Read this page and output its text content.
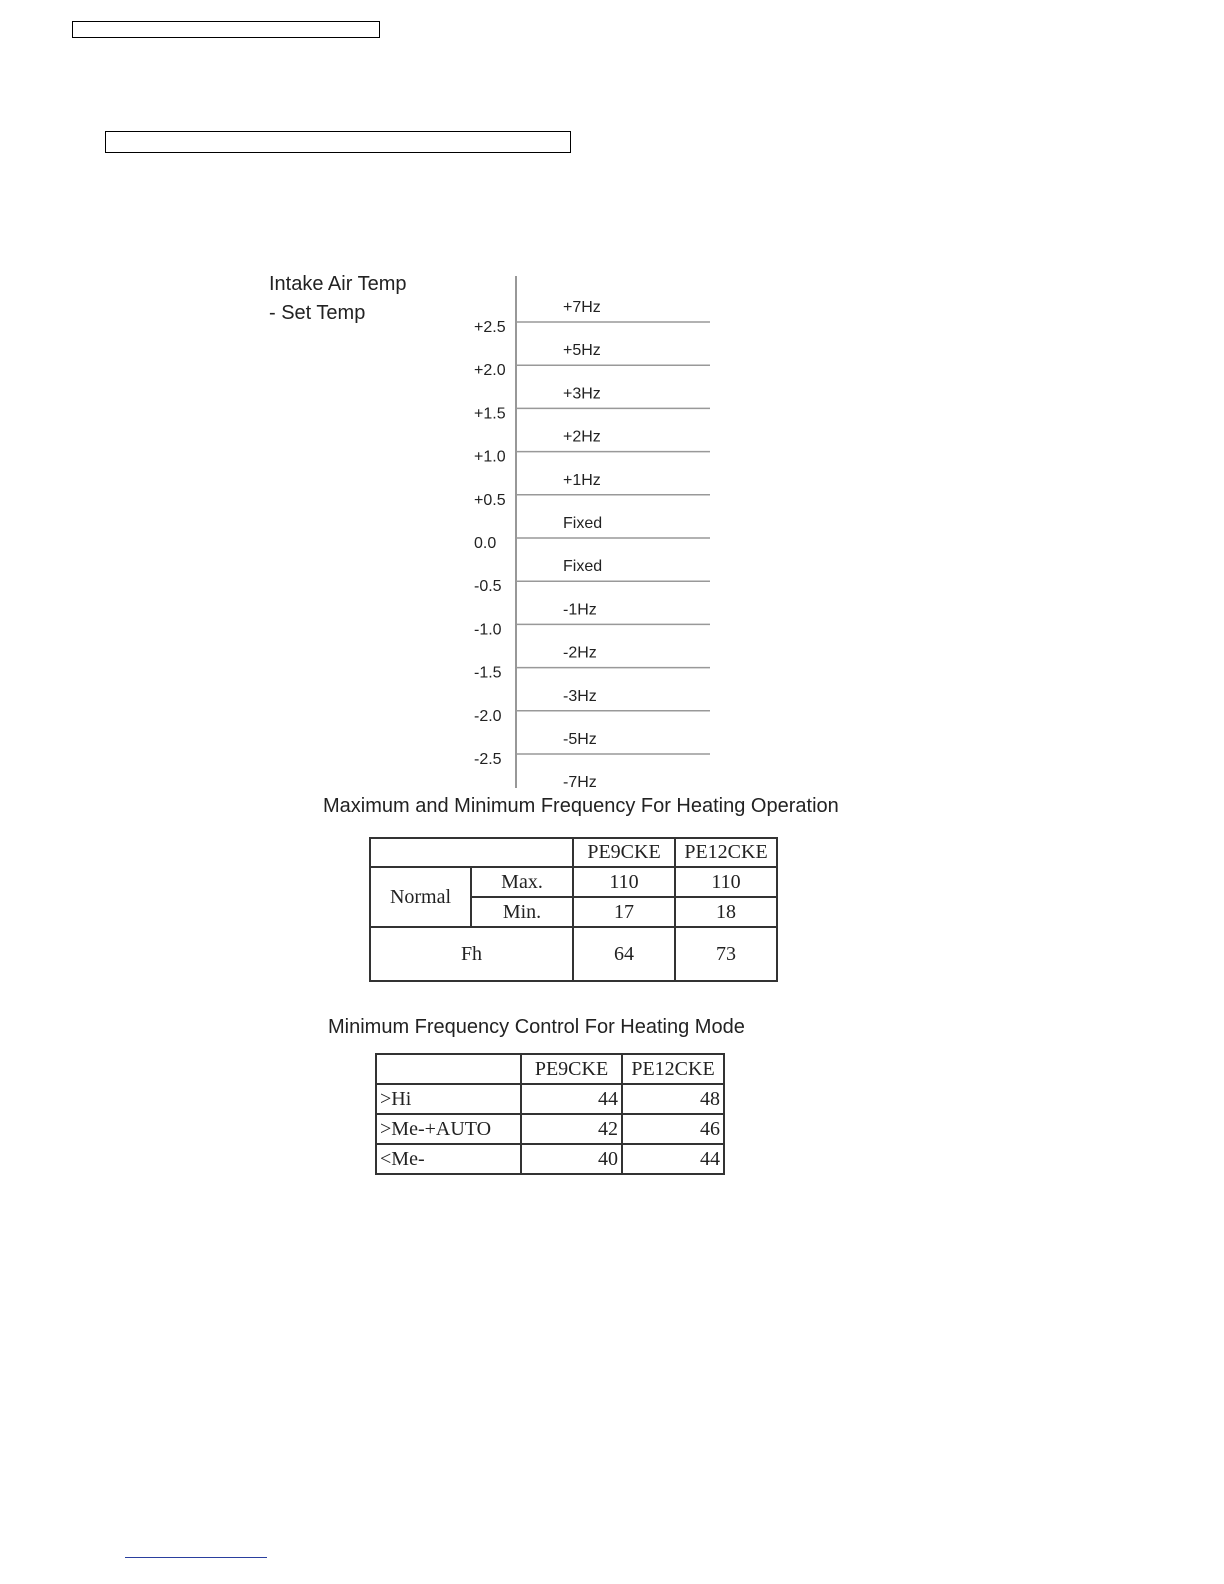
Intake Air Temp
- Set Temp
+2.5
+2.0
+1.5
+1.0
+0.5
0.0
-0.5
-1.0
-1.5
-2.0
-2.5
+7Hz
+5Hz
+3Hz
+2Hz
+1Hz
Fixed
Fixed
-1Hz
-2Hz
-3Hz
-5Hz
-7Hz
Maximum and Minimum Frequency For Heating Operation
		PE9CKE	PE12CKE
Normal	Max.	110	110
	Min.	17	18
Fh		64	73
Minimum Frequency Control For Heating Mode
	PE9CKE	PE12CKE
>Hi	44	48
>Me-+AUTO	42	46
<Me-	40	44
